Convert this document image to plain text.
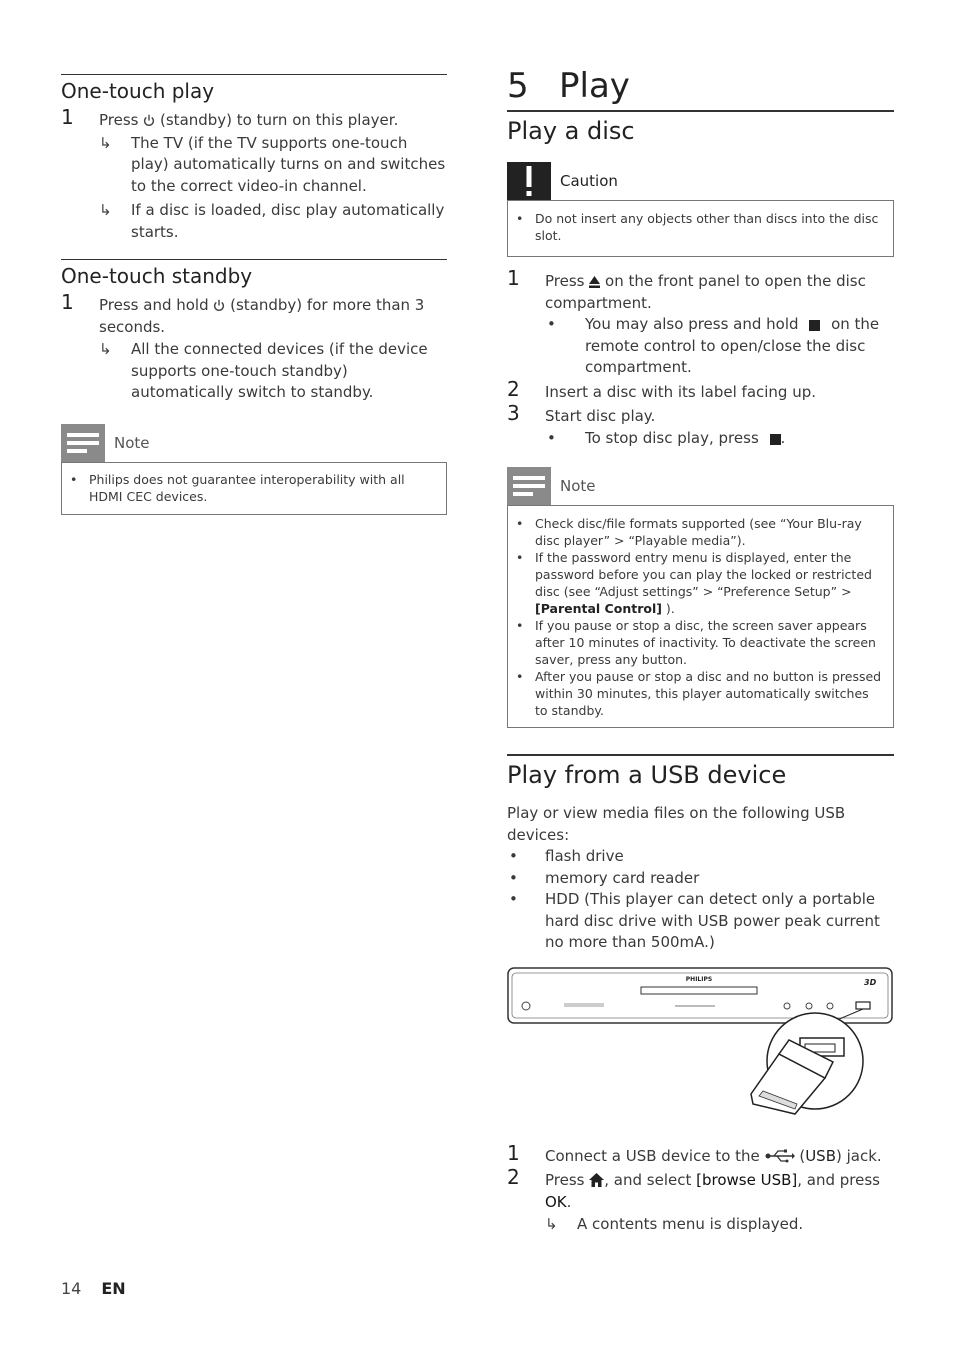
One-touch play
1 Press  (standby) to turn on this player.
↳ The TV (if the TV supports one-touch play) automatically turns on and switches to the correct video-in channel.
↳ If a disc is loaded, disc play automatically starts.
One-touch standby
1 Press and hold  (standby) for more than 3 seconds.
↳ All the connected devices (if the device supports one-touch standby) automatically switch to standby.
Note
• Philips does not guarantee interoperability with all HDMI CEC devices.
5 Play
Play a disc
Caution
• Do not insert any objects other than discs into the disc slot.
1 Press  on the front panel to open the disc compartment.
• You may also press and hold  on the remote control to open/close the disc compartment.
2 Insert a disc with its label facing up.
3 Start disc play.
• To stop disc play, press .
Note
• Check disc/file formats supported (see “Your Blu-ray disc player” > “Playable media”).
• If the password entry menu is displayed, enter the password before you can play the locked or restricted disc (see “Adjust settings” > “Preference Setup” > [Parental Control] ).
• If you pause or stop a disc, the screen saver appears after 10 minutes of inactivity. To deactivate the screen saver, press any button.
• After you pause or stop a disc and no button is pressed within 30 minutes, this player automatically switches to standby.
Play from a USB device
Play or view media files on the following USB devices:
• flash drive
• memory card reader
• HDD (This player can detect only a portable hard disc drive with USB power peak current no more than 500mA.)
PHILIPS	3D
1 Connect a USB device to the  (USB) jack.
2 Press , and select [browse USB], and press OK.
↳ A contents menu is displayed.
14 EN
